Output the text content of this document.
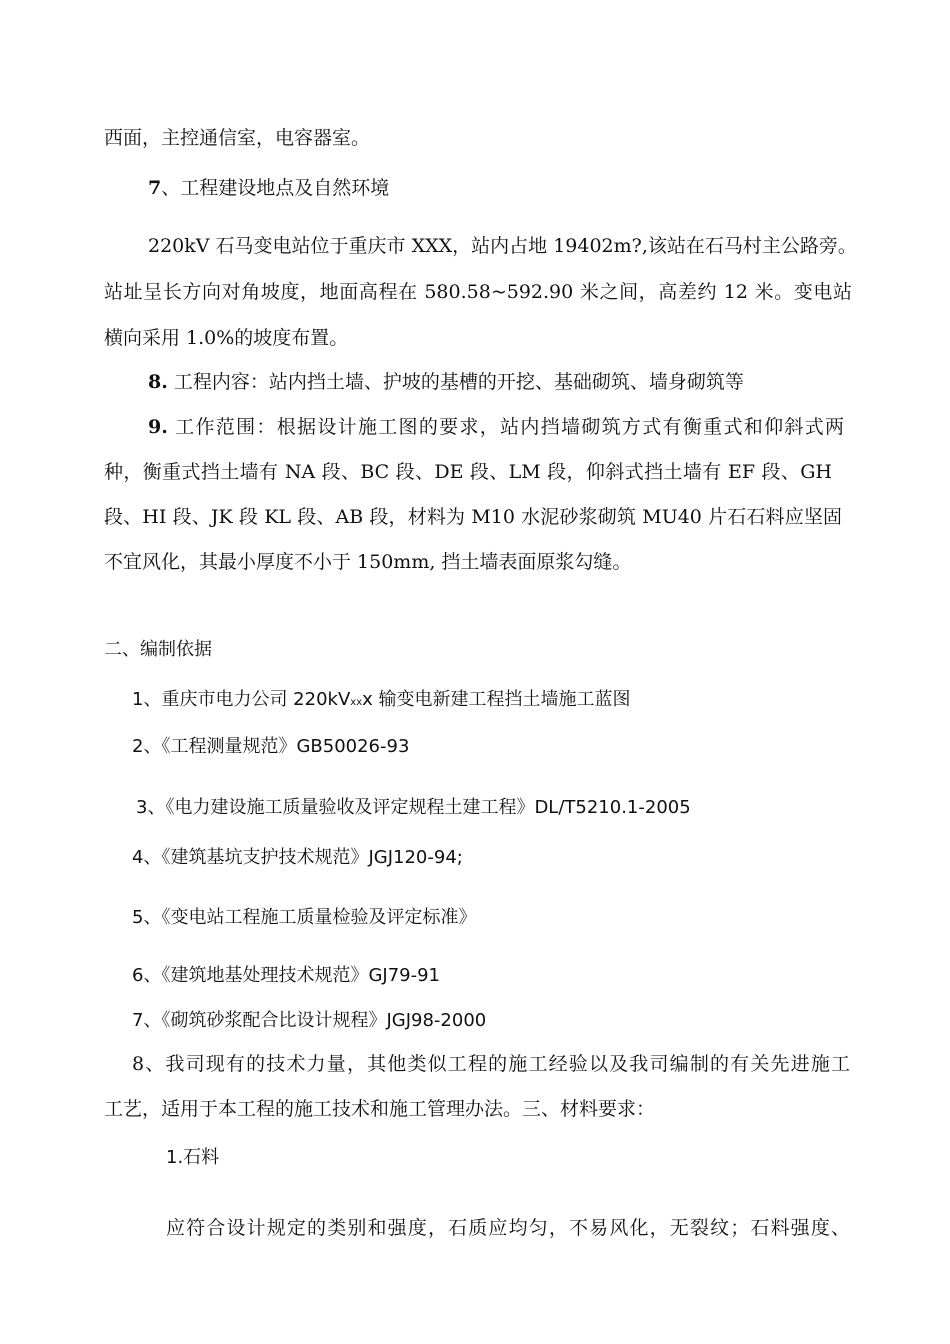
西面，主控通信室，电容器室。
7、工程建设地点及自然环境
220kV 石马变电站位于重庆市 XXX，站内占地 19402m?,该站在石马村主公路旁。
站址呈长方向对角坡度，地面高程在 580.58~592.90 米之间，高差约 12 米。变电站
横向采用 1.0%的坡度布置。
8. 工程内容：站内挡土墙、护坡的基槽的开挖、基础砌筑、墙身砌筑等
9. 工作范围：根据设计施工图的要求，站内挡墙砌筑方式有衡重式和仰斜式两
种，衡重式挡土墙有 NA 段、BC 段、DE 段、LM 段，仰斜式挡土墙有 EF 段、GH
段、HI 段、JK 段 KL 段、AB 段，材料为 M10 水泥砂浆砌筑 MU40 片石石料应坚固
不宜风化，其最小厚度不小于 150mm, 挡土墙表面原浆勾缝。
二、编制依据
1、重庆市电力公司 220kVxxx 输变电新建工程挡土墙施工蓝图
2、《工程测量规范》GB50026-93
3、《电力建设施工质量验收及评定规程土建工程》DL/T5210.1-2005
4、《建筑基坑支护技术规范》JGJ120-94;
5、《变电站工程施工质量检验及评定标准》
6、《建筑地基处理技术规范》GJ79-91
7、《砌筑砂浆配合比设计规程》JGJ98-2000
8、我司现有的技术力量，其他类似工程的施工经验以及我司编制的有关先进施工
工艺，适用于本工程的施工技术和施工管理办法。三、材料要求：
1.石料
应符合设计规定的类别和强度，石质应均匀，不易风化，无裂纹；石料强度、
